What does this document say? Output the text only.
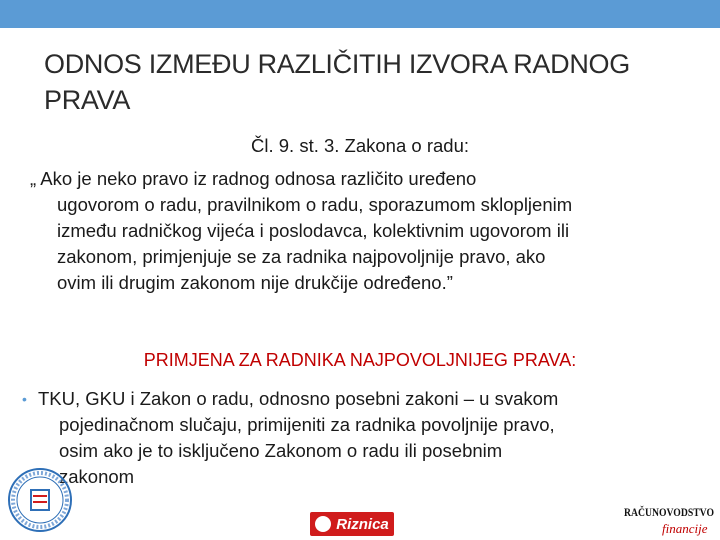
ODNOS IZMEĐU RAZLIČITIH IZVORA RADNOG PRAVA
Čl. 9. st. 3. Zakona o radu:
„ Ako je neko pravo iz radnog odnosa različito uređeno
ugovorom o radu, pravilnikom o radu, sporazumom sklopljenim
između radničkog vijeća i poslodavca, kolektivnim ugovorom ili
zakonom, primjenjuje se za radnika najpovoljnije pravo, ako
ovim ili drugim zakonom nije drukčije određeno.”
PRIMJENA ZA RADNIKA NAJPOVOLJNIJEG PRAVA:
• TKU, GKU i Zakon o radu, odnosno posebni zakoni – u svakom
pojedinačnom slučaju, primijeniti za radnika povoljnije pravo,
osim ako je to isključeno Zakonom o radu ili posebnim
zakonom
Riznica
RAČUNOVODSTVO
financije
